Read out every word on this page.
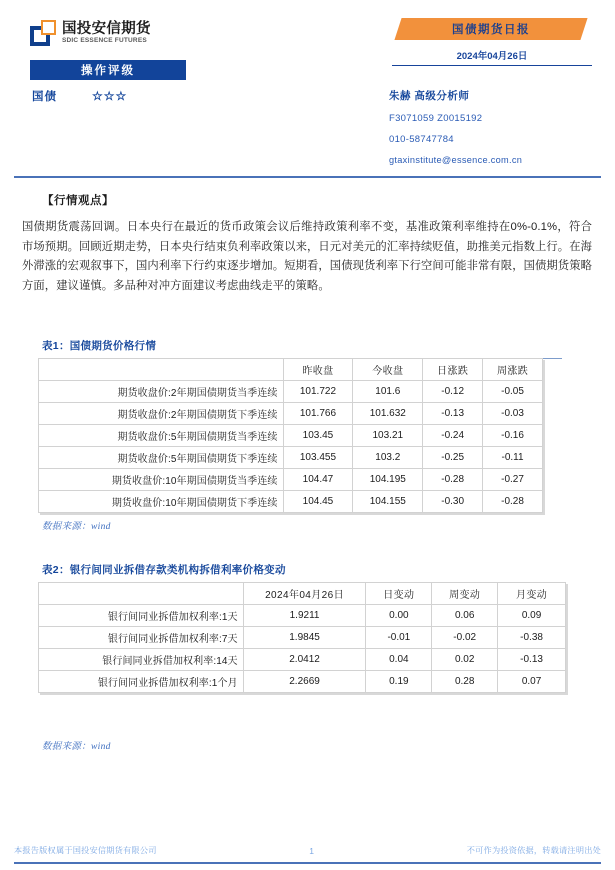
国投安信期货
SDIC ESSENCE FUTURES
操作评级
国债	☆☆☆
国债期货日报
2024年04月26日
朱赫 高级分析师
F3071059 Z0015192
010-58747784
gtaxinstitute@essence.com.cn
【行情观点】
国债期货震荡回调。日本央行在最近的货币政策会议后维持政策利率不变，基准政策利率维持在0%-0.1%，符合市场预期。回顾近期走势，日本央行结束负利率政策以来，日元对美元的汇率持续贬值，助推美元指数上行。在海外滞涨的宏观叙事下，国内利率下行约束逐步增加。短期看，国债现货利率下行空间可能非常有限，国债期货策略方面，建议谨慎。多品种对冲方面建议考虑曲线走平的策略。
表1：国债期货价格行情
	昨收盘	今收盘	日涨跌	周涨跌
期货收盘价:2年期国债期货当季连续	101.722	101.6	-0.12	-0.05
期货收盘价:2年期国债期货下季连续	101.766	101.632	-0.13	-0.03
期货收盘价:5年期国债期货当季连续	103.45	103.21	-0.24	-0.16
期货收盘价:5年期国债期货下季连续	103.455	103.2	-0.25	-0.11
期货收盘价:10年期国债期货当季连续	104.47	104.195	-0.28	-0.27
期货收盘价:10年期国债期货下季连续	104.45	104.155	-0.30	-0.28
数据来源：wind
表2：银行间同业拆借存款类机构拆借利率价格变动
	2024年04月26日	日变动	周变动	月变动
银行间同业拆借加权利率:1天	1.9211	0.00	0.06	0.09
银行间同业拆借加权利率:7天	1.9845	-0.01	-0.02	-0.38
银行间同业拆借加权利率:14天	2.0412	0.04	0.02	-0.13
银行间同业拆借加权利率:1个月	2.2669	0.19	0.28	0.07
数据来源：wind
本报告版权属于国投安信期货有限公司	1	不可作为投资依据，转载请注明出处
